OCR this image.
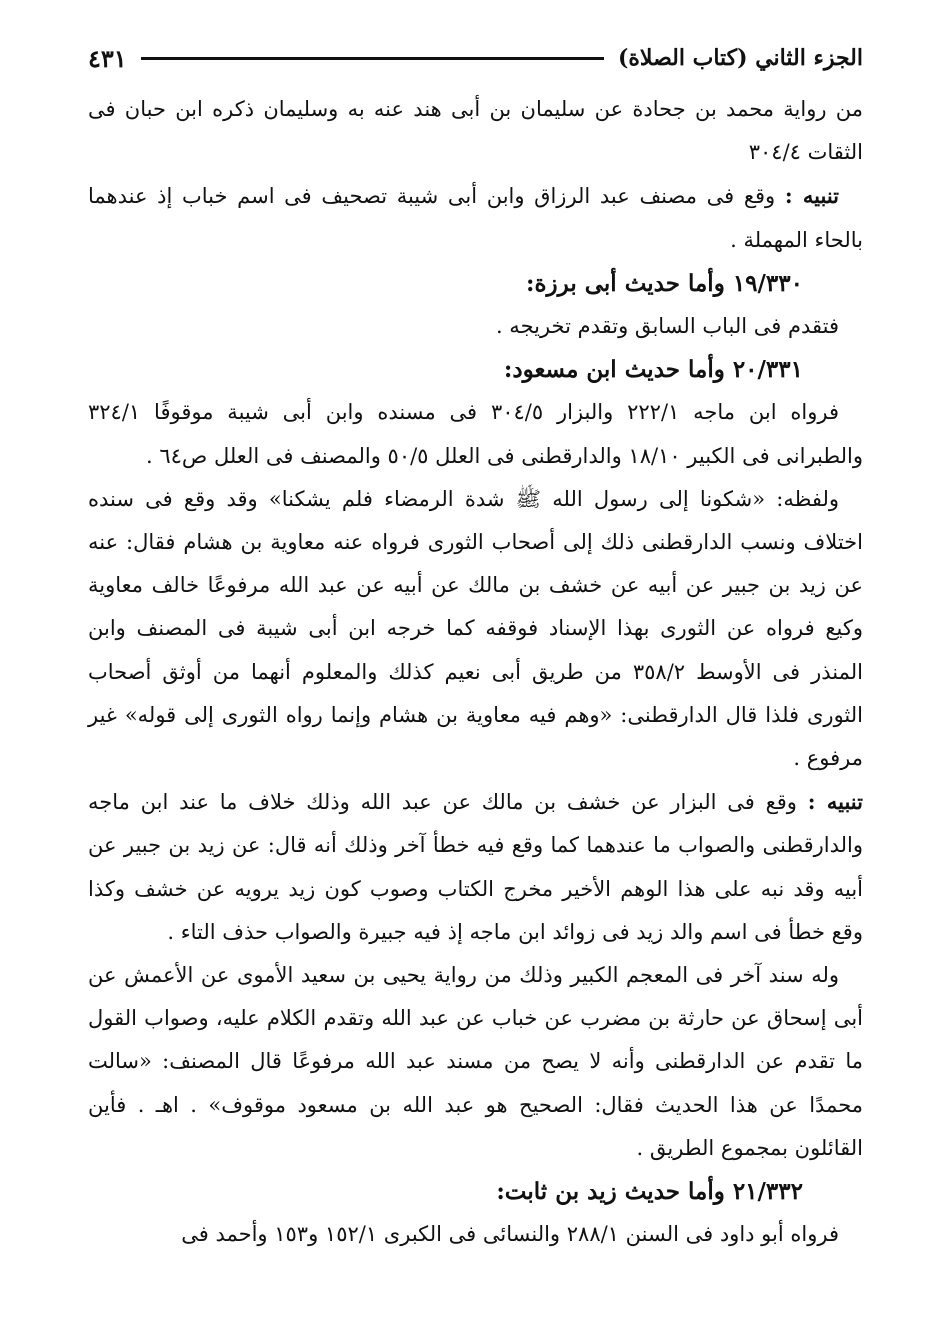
الجزء الثاني (كتاب الصلاة)
٤٣١

من رواية محمد بن جحادة عن سليمان بن أبى هند عنه به وسليمان ذكره ابن حبان فى الثقات ٣٠٤/٤

تنبيه : وقع فى مصنف عبد الرزاق وابن أبى شيبة تصحيف فى اسم خباب إذ عندهما بالحاء المهملة .

١٩/٣٣٠ وأما حديث أبى برزة:

فتقدم فى الباب السابق وتقدم تخريجه .

٢٠/٣٣١ وأما حديث ابن مسعود:

فرواه ابن ماجه ٢٢٢/١ والبزار ٣٠٤/٥ فى مسنده وابن أبى شيبة موقوفًا ٣٢٤/١ والطبرانى فى الكبير ١٨/١٠ والدارقطنى فى العلل ٥٠/٥ والمصنف فى العلل ص٦٤ .

ولفظه: «شكونا إلى رسول الله ﷺ شدة الرمضاء فلم يشكنا» وقد وقع فى سنده اختلاف ونسب الدارقطنى ذلك إلى أصحاب الثورى فرواه عنه معاوية بن هشام فقال: عنه عن زيد بن جبير عن أبيه عن خشف بن مالك عن أبيه عن عبد الله مرفوعًا خالف معاوية وكيع فرواه عن الثورى بهذا الإسناد فوقفه كما خرجه ابن أبى شيبة فى المصنف وابن المنذر فى الأوسط ٣٥٨/٢ من طريق أبى نعيم كذلك والمعلوم أنهما من أوثق أصحاب الثورى فلذا قال الدارقطنى: «وهم فيه معاوية بن هشام وإنما رواه الثورى إلى قوله» غير مرفوع .

تنبيه : وقع فى البزار عن خشف بن مالك عن عبد الله وذلك خلاف ما عند ابن ماجه والدارقطنى والصواب ما عندهما كما وقع فيه خطأ آخر وذلك أنه قال: عن زيد بن جبير عن أبيه وقد نبه على هذا الوهم الأخير مخرج الكتاب وصوب كون زيد يرويه عن خشف وكذا وقع خطأ فى اسم والد زيد فى زوائد ابن ماجه إذ فيه جبيرة والصواب حذف التاء .

وله سند آخر فى المعجم الكبير وذلك من رواية يحيى بن سعيد الأموى عن الأعمش عن أبى إسحاق عن حارثة بن مضرب عن خباب عن عبد الله وتقدم الكلام عليه، وصواب القول ما تقدم عن الدارقطنى وأنه لا يصح من مسند عبد الله مرفوعًا قال المصنف: «سالت محمدًا عن هذا الحديث فقال: الصحيح هو عبد الله بن مسعود موقوف» . اهـ . فأين القائلون بمجموع الطريق .

٢١/٣٣٢ وأما حديث زيد بن ثابت:

فرواه أبو داود فى السنن ٢٨٨/١ والنسائى فى الكبرى ١٥٢/١ و١٥٣ وأحمد فى
